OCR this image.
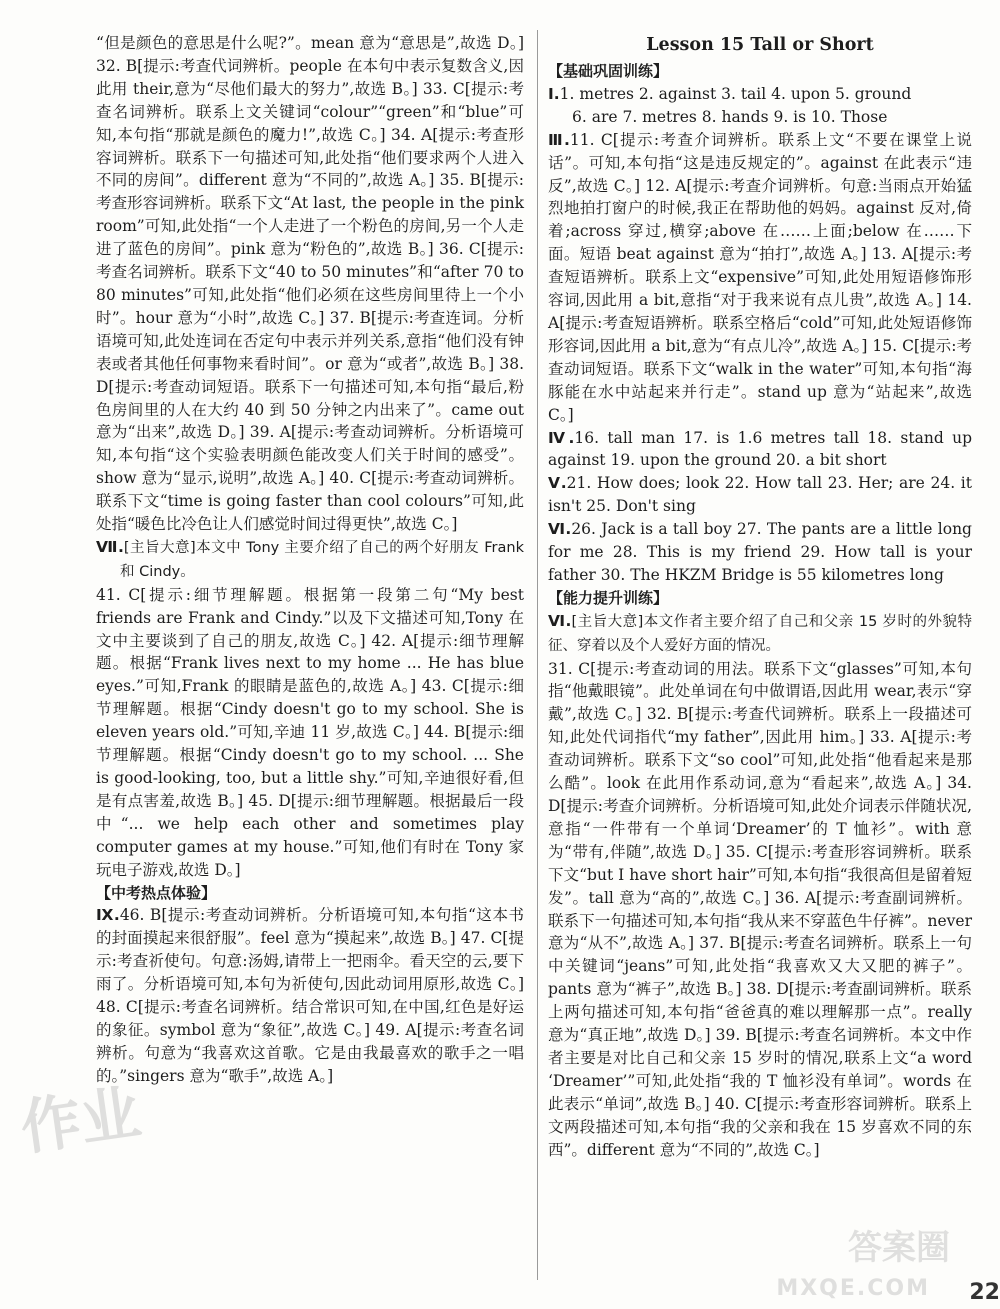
“但是颜色的意思是什么呢?”。mean 意为“意思是”,故选 D。] 32. B[提示:考查代词辨析。people 在本句中表示复数含义,因此用 their,意为“尽他们最大的努力”,故选 B。] 33. C[提示:考查名词辨析。联系上文关键词“colour”“green”和“blue”可知,本句指“那就是颜色的魔力!”,故选 C。] 34. A[提示:考查形容词辨析。联系下一句描述可知,此处指“他们要求两个人进入不同的房间”。different 意为“不同的”,故选 A。] 35. B[提示:考查形容词辨析。联系下文“At last, the people in the pink room”可知,此处指“一个人走进了一个粉色的房间,另一个人走进了蓝色的房间”。pink 意为“粉色的”,故选 B。] 36. C[提示:考查名词辨析。联系下文“40 to 50 minutes”和“after 70 to 80 minutes”可知,此处指“他们必须在这些房间里待上一个小时”。hour 意为“小时”,故选 C。] 37. B[提示:考查连词。分析语境可知,此处连词在否定句中表示并列关系,意指“他们没有钟表或者其他任何事物来看时间”。or 意为“或者”,故选 B。] 38. D[提示:考查动词短语。联系下一句描述可知,本句指“最后,粉色房间里的人在大约 40 到 50 分钟之内出来了”。came out 意为“出来”,故选 D。] 39. A[提示:考查动词辨析。分析语境可知,本句指“这个实验表明颜色能改变人们关于时间的感受”。show 意为“显示,说明”,故选 A。] 40. C[提示:考查动词辨析。联系下文“time is going faster than cool colours”可知,此处指“暖色比冷色让人们感觉时间过得更快”,故选 C。]

Ⅶ.[主旨大意]本文中 Tony 主要介绍了自己的两个好朋友 Frank 和 Cindy。

41. C[提示:细节理解题。根据第一段第二句“My best friends are Frank and Cindy.”以及下文描述可知,Tony 在文中主要谈到了自己的朋友,故选 C。] 42. A[提示:细节理解题。根据“Frank lives next to my home ... He has blue eyes.”可知,Frank 的眼睛是蓝色的,故选 A。] 43. C[提示:细节理解题。根据“Cindy doesn't go to my school. She is eleven years old.”可知,辛迪 11 岁,故选 C。] 44. B[提示:细节理解题。根据“Cindy doesn't go to my school. ... She is good-looking, too, but a little shy.”可知,辛迪很好看,但是有点害羞,故选 B。] 45. D[提示:细节理解题。根据最后一段中“... we help each other and sometimes play computer games at my house.”可知,他们有时在 Tony 家玩电子游戏,故选 D。]

【中考热点体验】

Ⅸ.46. B[提示:考查动词辨析。分析语境可知,本句指“这本书的封面摸起来很舒服”。feel 意为“摸起来”,故选 B。] 47. C[提示:考查祈使句。句意:汤姆,请带上一把雨伞。看天空的云,要下雨了。分析语境可知,本句为祈使句,因此动词用原形,故选 C。] 48. C[提示:考查名词辨析。结合常识可知,在中国,红色是好运的象征。symbol 意为“象征”,故选 C。] 49. A[提示:考查名词辨析。句意为“我喜欢这首歌。它是由我最喜欢的歌手之一唱的。”singers 意为“歌手”,故选 A。]

Lesson 15 Tall or Short

【基础巩固训练】

Ⅰ.1. metres 2. against 3. tail 4. upon 5. ground

6. are 7. metres 8. hands 9. is 10. Those

Ⅲ.11. C[提示:考查介词辨析。联系上文“不要在课堂上说话”。可知,本句指“这是违反规定的”。against 在此表示“违反”,故选 C。] 12. A[提示:考查介词辨析。句意:当雨点开始猛烈地拍打窗户的时候,我正在帮助他的妈妈。against 反对,倚着;across 穿过,横穿;above 在……上面;below 在……下面。短语 beat against 意为“拍打”,故选 A。] 13. A[提示:考查短语辨析。联系上文“expensive”可知,此处用短语修饰形容词,因此用 a bit,意指“对于我来说有点儿贵”,故选 A。] 14. A[提示:考查短语辨析。联系空格后“cold”可知,此处短语修饰形容词,因此用 a bit,意为“有点儿冷”,故选 A。] 15. C[提示:考查动词短语。联系下文“walk in the water”可知,本句指“海豚能在水中站起来并行走”。stand up 意为“站起来”,故选 C。]

Ⅳ.16. tall man 17. is 1.6 metres tall 18. stand up against 19. upon the ground 20. a bit short

Ⅴ.21. How does; look 22. How tall 23. Her; are 24. it isn't 25. Don't sing

Ⅵ.26. Jack is a tall boy 27. The pants are a little long for me 28. This is my friend 29. How tall is your father 30. The HKZM Bridge is 55 kilometres long

【能力提升训练】

Ⅵ.[主旨大意]本文作者主要介绍了自己和父亲 15 岁时的外貌特征、穿着以及个人爱好方面的情况。

31. C[提示:考查动词的用法。联系下文“glasses”可知,本句指“他戴眼镜”。此处单词在句中做谓语,因此用 wear,表示“穿戴”,故选 C。] 32. B[提示:考查代词辨析。联系上一段描述可知,此处代词指代“my father”,因此用 him。] 33. A[提示:考查动词辨析。联系下文“so cool”可知,此处指“他看起来是那么酷”。look 在此用作系动词,意为“看起来”,故选 A。] 34. D[提示:考查介词辨析。分析语境可知,此处介词表示伴随状况,意指“一件带有一个单词‘Dreamer’的 T 恤衫”。with 意为“带有,伴随”,故选 D。] 35. C[提示:考查形容词辨析。联系下文“but I have short hair”可知,本句指“我很高但是留着短发”。tall 意为“高的”,故选 C。] 36. A[提示:考查副词辨析。联系下一句描述可知,本句指“我从来不穿蓝色牛仔裤”。never 意为“从不”,故选 A。] 37. B[提示:考查名词辨析。联系上一句中关键词“jeans”可知,此处指“我喜欢又大又肥的裤子”。pants 意为“裤子”,故选 B。] 38. D[提示:考查副词辨析。联系上两句描述可知,本句指“爸爸真的难以理解那一点”。really 意为“真正地”,故选 D。] 39. B[提示:考查名词辨析。本文中作者主要是对比自己和父亲 15 岁时的情况,联系上文“a word ‘Dreamer’”可知,此处指“我的 T 恤衫没有单词”。words 在此表示“单词”,故选 B。] 40. C[提示:考查形容词辨析。联系上文两段描述可知,本句指“我的父亲和我在 15 岁喜欢不同的东西”。different 意为“不同的”,故选 C。]

22
作业
答案圈
MXQE.COM
